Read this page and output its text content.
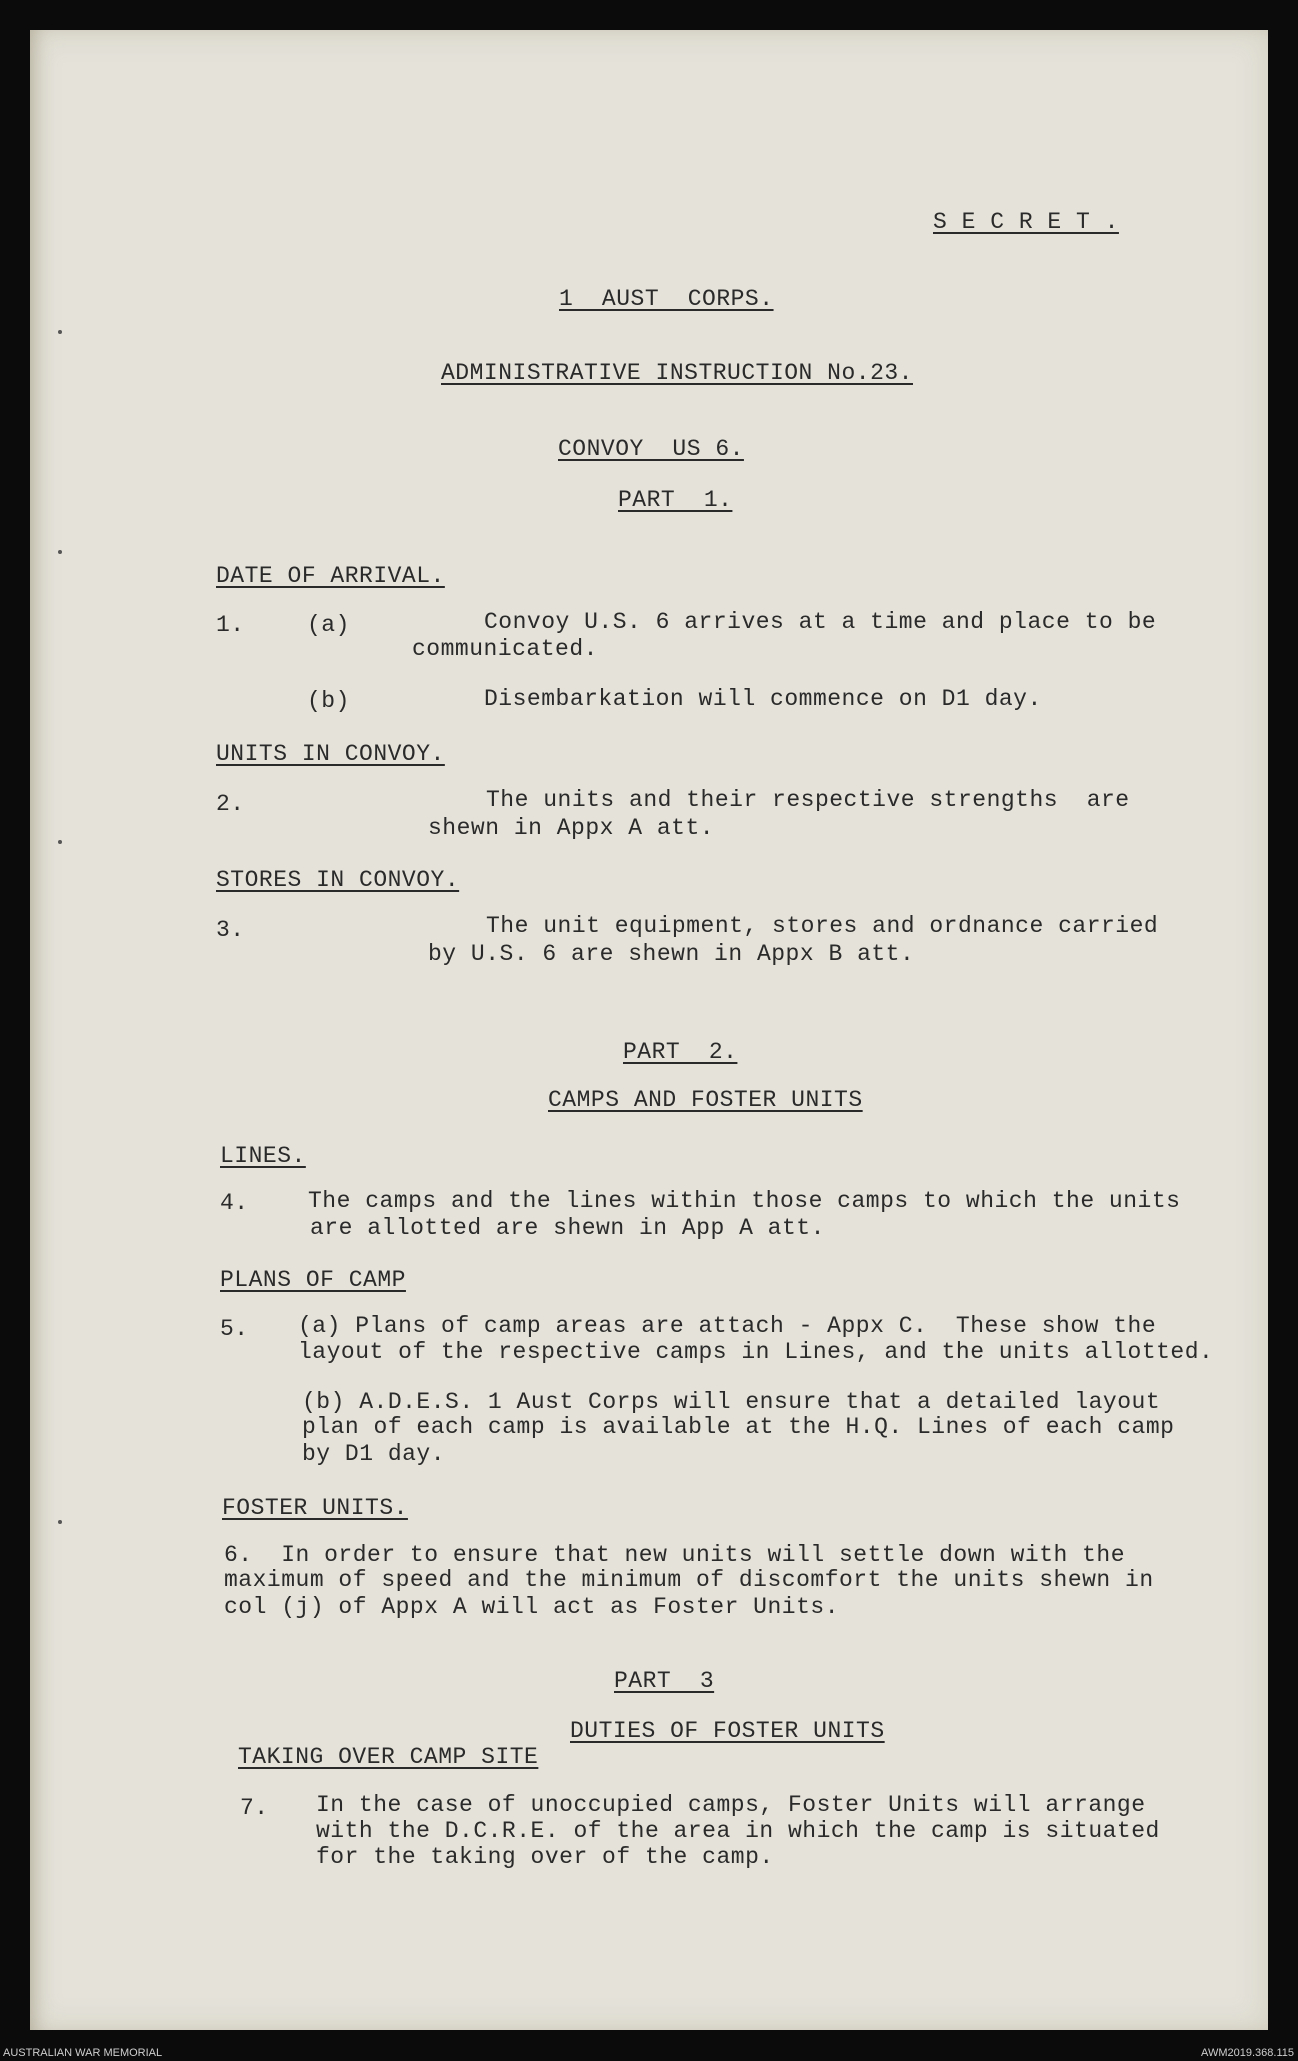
S E C R E T .
1  AUST  CORPS.
ADMINISTRATIVE INSTRUCTION No.23.
CONVOY  US 6.
PART  1.
DATE OF ARRIVAL.
1.	(a)	Convoy U.S. 6 arrives at a time and place to be
communicated.
(b)	Disembarkation will commence on D1 day.
UNITS IN CONVOY.
2.	The units and their respective strengths  are
shewn in Appx A att.
STORES IN CONVOY.
3.	The unit equipment, stores and ordnance carried
by U.S. 6 are shewn in Appx B att.
PART  2.
CAMPS AND FOSTER UNITS
LINES.
4.	The camps and the lines within those camps to which the units
are allotted are shewn in App A att.
PLANS OF CAMP
5. (a) Plans of camp areas are attach - Appx C.  These show the
layout of the respective camps in Lines, and the units allotted.
(b) A.D.E.S. 1 Aust Corps will ensure that a detailed layout
plan of each camp is available at the H.Q. Lines of each camp
by D1 day.
FOSTER UNITS.
6.  In order to ensure that new units will settle down with the
maximum of speed and the minimum of discomfort the units shewn in
col (j) of Appx A will act as Foster Units.
PART  3
DUTIES OF FOSTER UNITS
TAKING OVER CAMP SITE
7. In the case of unoccupied camps, Foster Units will arrange
with the D.C.R.E. of the area in which the camp is situated
for the taking over of the camp.
AUSTRALIAN WAR MEMORIAL	AWM2019.368.115
